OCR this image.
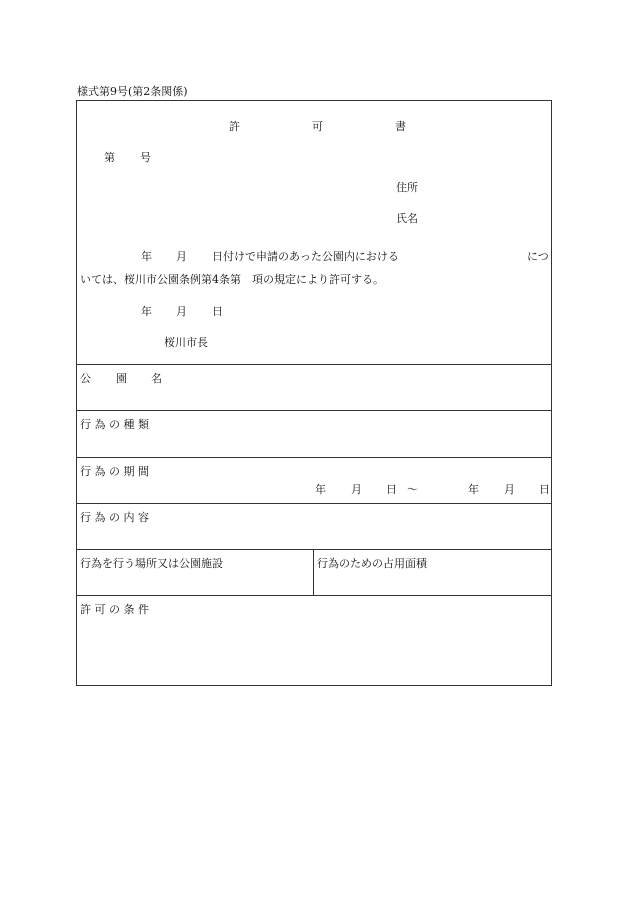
様式第9号(第2条関係)
許	可	書
第 号
住所
氏名
年 月 日付けで申請のあった公園内における	につ
いては、桜川市公園条例第4条第　項の規定により許可する。
年 月 日
桜川市長
公 園 名
行 為 の 種 類
行 為 の 期 間
年 月 日 ～	年 月 日
行 為 の 内 容
行為を行う場所又は公園施設	行為のための占用面積
許 可 の 条 件
